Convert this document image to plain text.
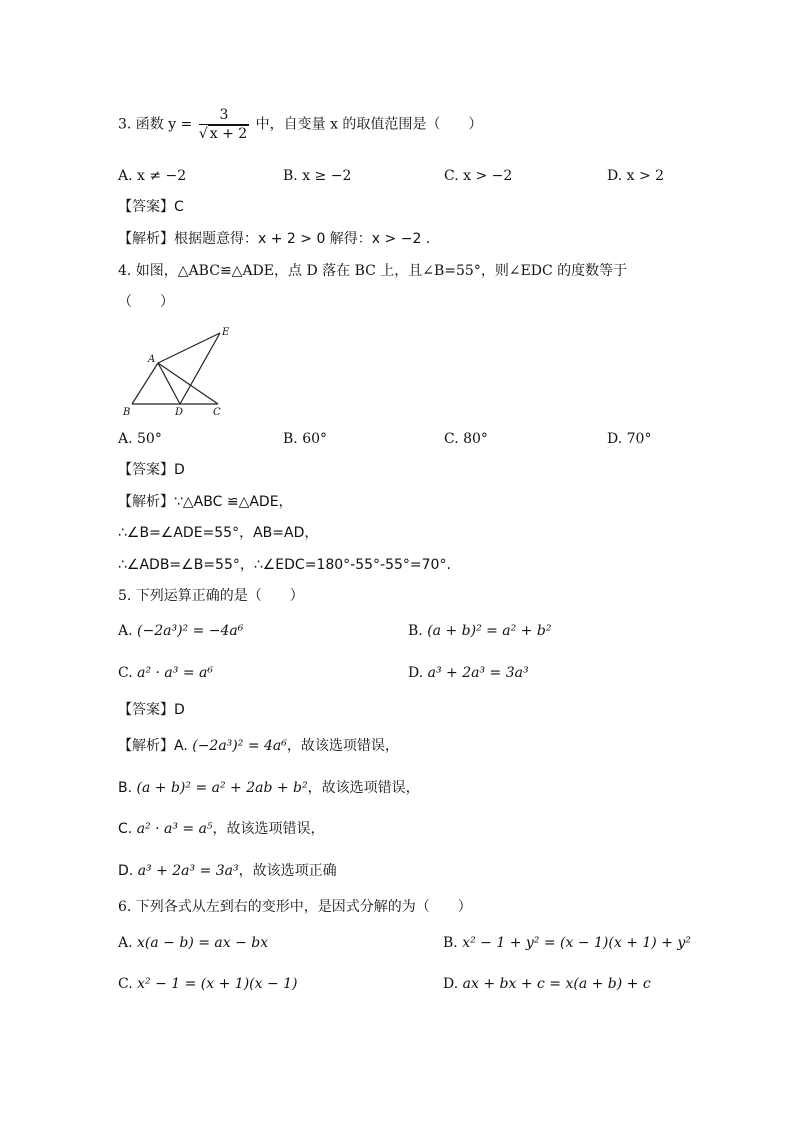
3. 函数 $y = \frac{3}{√ x + 2}$ 中，自变量 x 的取值范围是（　　）
A. x ≠ −2	B. x ≥ −2	C. x > −2	D. x > 2
【答案】C
【解析】根据题意得：x + 2 > 0 解得：x > −2 .
4. 如图，△ABC≌△ADE，点 D 落在 BC 上，且∠B=55°，则∠EDC 的度数等于
（　　）
A
B	D	C
E
A. 50°	B. 60°	C. 80°	D. 70°
【答案】D
【解析】∵△ABC ≌△ADE，
∴∠B=∠ADE=55°，AB=AD，
∴∠ADB=∠B=55°，∴∠EDC=180°-55°-55°=70°.
5. 下列运算正确的是（　　）
A. (−2a³)² = −4a⁶	B. (a + b)² = a² + b²
C. a² · a³ = a⁶	D. a³ + 2a³ = 3a³
【答案】D
【解析】A. (−2a³)² = 4a⁶，故该选项错误，
B. (a + b)² = a² + 2ab + b²，故该选项错误，
C. a² · a³ = a⁵，故该选项错误，
D. a³ + 2a³ = 3a³，故该选项正确
6. 下列各式从左到右的变形中，是因式分解的为（　　）
A. x(a − b) = ax − bx	B. x² − 1 + y² = (x − 1)(x + 1) + y²
C. x² − 1 = (x + 1)(x − 1)	D. ax + bx + c = x(a + b) + c
